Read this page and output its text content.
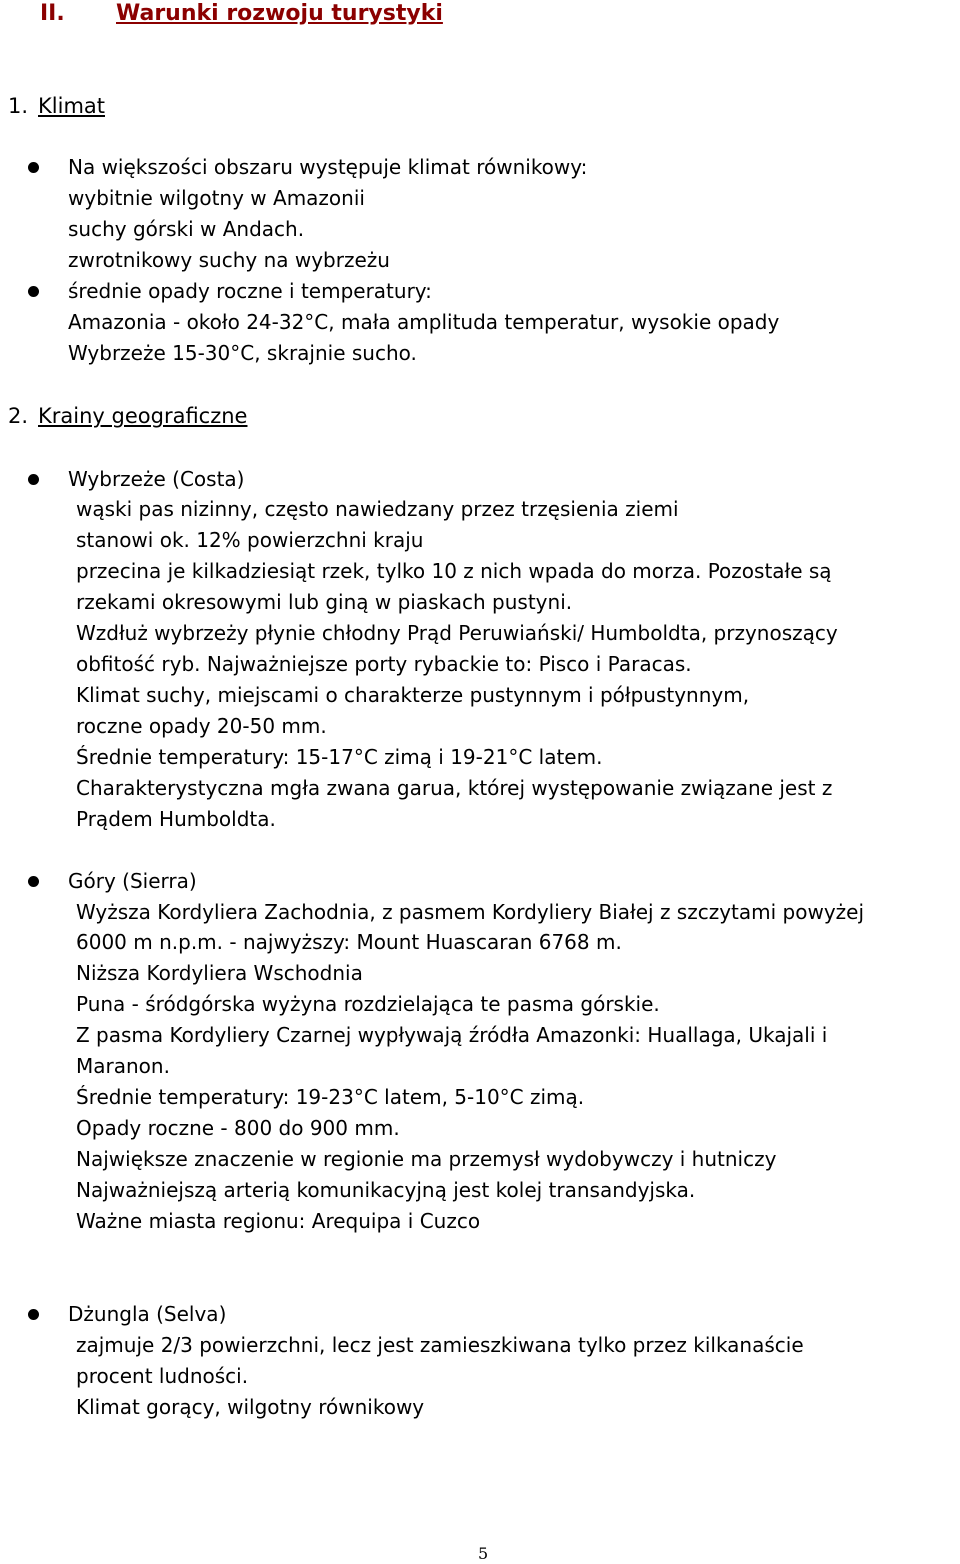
II. Warunki rozwoju turystyki
1. Klimat
Na większości obszaru występuje klimat równikowy:
wybitnie wilgotny w Amazonii
suchy górski w Andach.
zwrotnikowy suchy na wybrzeżu
średnie opady roczne i temperatury:
Amazonia - około 24-32°C, mała amplituda temperatur, wysokie opady
Wybrzeże 15-30°C, skrajnie sucho.
2. Krainy geograficzne
Wybrzeże (Costa)
wąski pas nizinny, często nawiedzany przez trzęsienia ziemi
stanowi ok. 12% powierzchni kraju
przecina je kilkadziesiąt rzek, tylko 10 z nich wpada do morza. Pozostałe są
rzekami okresowymi lub giną w piaskach pustyni.
Wzdłuż wybrzeży płynie chłodny Prąd Peruwiański/ Humboldta, przynoszący
obfitość ryb. Najważniejsze porty rybackie to: Pisco i Paracas.
Klimat suchy, miejscami o charakterze pustynnym i półpustynnym,
roczne opady 20-50 mm.
Średnie temperatury: 15-17°C zimą i 19-21°C latem.
Charakterystyczna mgła zwana garua, której występowanie związane jest z
Prądem Humboldta.
Góry (Sierra)
Wyższa Kordyliera Zachodnia, z pasmem Kordyliery Białej z szczytami powyżej
6000 m n.p.m. - najwyższy: Mount Huascaran 6768 m.
Niższa Kordyliera Wschodnia
Puna - śródgórska wyżyna rozdzielająca te pasma górskie.
Z pasma Kordyliery Czarnej wypływają źródła Amazonki: Huallaga, Ukajali i
Maranon.
Średnie temperatury: 19-23°C latem, 5-10°C zimą.
Opady roczne - 800 do 900 mm.
Największe znaczenie w regionie ma przemysł wydobywczy i hutniczy
Najważniejszą arterią komunikacyjną jest kolej transandyjska.
Ważne miasta regionu: Arequipa i Cuzco
Dżungla (Selva)
zajmuje 2/3 powierzchni, lecz jest zamieszkiwana tylko przez kilkanaście
procent ludności.
Klimat gorący, wilgotny równikowy
5
